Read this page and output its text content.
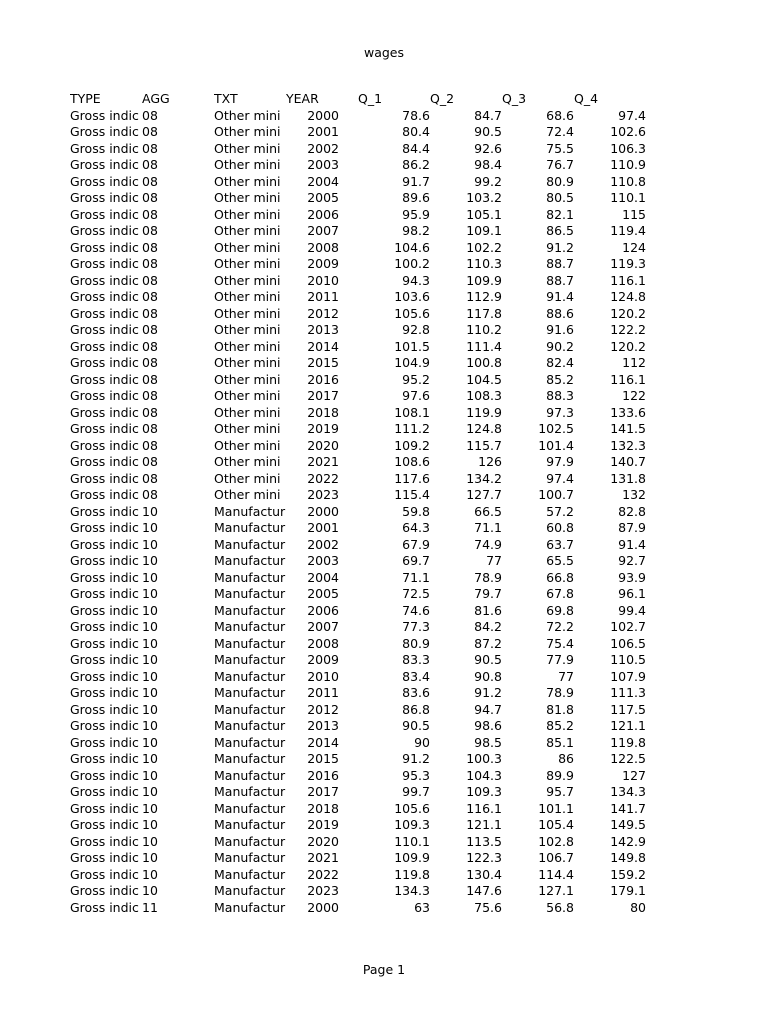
wages
TYPE	AGG	TXT	YEAR	Q_1	Q_2	Q_3	Q_4
Gross indic	08	Other mini	2000	78.6	84.7	68.6	97.4
Gross indic	08	Other mini	2001	80.4	90.5	72.4	102.6
Gross indic	08	Other mini	2002	84.4	92.6	75.5	106.3
Gross indic	08	Other mini	2003	86.2	98.4	76.7	110.9
Gross indic	08	Other mini	2004	91.7	99.2	80.9	110.8
Gross indic	08	Other mini	2005	89.6	103.2	80.5	110.1
Gross indic	08	Other mini	2006	95.9	105.1	82.1	115
Gross indic	08	Other mini	2007	98.2	109.1	86.5	119.4
Gross indic	08	Other mini	2008	104.6	102.2	91.2	124
Gross indic	08	Other mini	2009	100.2	110.3	88.7	119.3
Gross indic	08	Other mini	2010	94.3	109.9	88.7	116.1
Gross indic	08	Other mini	2011	103.6	112.9	91.4	124.8
Gross indic	08	Other mini	2012	105.6	117.8	88.6	120.2
Gross indic	08	Other mini	2013	92.8	110.2	91.6	122.2
Gross indic	08	Other mini	2014	101.5	111.4	90.2	120.2
Gross indic	08	Other mini	2015	104.9	100.8	82.4	112
Gross indic	08	Other mini	2016	95.2	104.5	85.2	116.1
Gross indic	08	Other mini	2017	97.6	108.3	88.3	122
Gross indic	08	Other mini	2018	108.1	119.9	97.3	133.6
Gross indic	08	Other mini	2019	111.2	124.8	102.5	141.5
Gross indic	08	Other mini	2020	109.2	115.7	101.4	132.3
Gross indic	08	Other mini	2021	108.6	126	97.9	140.7
Gross indic	08	Other mini	2022	117.6	134.2	97.4	131.8
Gross indic	08	Other mini	2023	115.4	127.7	100.7	132
Gross indic	10	Manufactur	2000	59.8	66.5	57.2	82.8
Gross indic	10	Manufactur	2001	64.3	71.1	60.8	87.9
Gross indic	10	Manufactur	2002	67.9	74.9	63.7	91.4
Gross indic	10	Manufactur	2003	69.7	77	65.5	92.7
Gross indic	10	Manufactur	2004	71.1	78.9	66.8	93.9
Gross indic	10	Manufactur	2005	72.5	79.7	67.8	96.1
Gross indic	10	Manufactur	2006	74.6	81.6	69.8	99.4
Gross indic	10	Manufactur	2007	77.3	84.2	72.2	102.7
Gross indic	10	Manufactur	2008	80.9	87.2	75.4	106.5
Gross indic	10	Manufactur	2009	83.3	90.5	77.9	110.5
Gross indic	10	Manufactur	2010	83.4	90.8	77	107.9
Gross indic	10	Manufactur	2011	83.6	91.2	78.9	111.3
Gross indic	10	Manufactur	2012	86.8	94.7	81.8	117.5
Gross indic	10	Manufactur	2013	90.5	98.6	85.2	121.1
Gross indic	10	Manufactur	2014	90	98.5	85.1	119.8
Gross indic	10	Manufactur	2015	91.2	100.3	86	122.5
Gross indic	10	Manufactur	2016	95.3	104.3	89.9	127
Gross indic	10	Manufactur	2017	99.7	109.3	95.7	134.3
Gross indic	10	Manufactur	2018	105.6	116.1	101.1	141.7
Gross indic	10	Manufactur	2019	109.3	121.1	105.4	149.5
Gross indic	10	Manufactur	2020	110.1	113.5	102.8	142.9
Gross indic	10	Manufactur	2021	109.9	122.3	106.7	149.8
Gross indic	10	Manufactur	2022	119.8	130.4	114.4	159.2
Gross indic	10	Manufactur	2023	134.3	147.6	127.1	179.1
Gross indic	11	Manufactur	2000	63	75.6	56.8	80
Page 1
